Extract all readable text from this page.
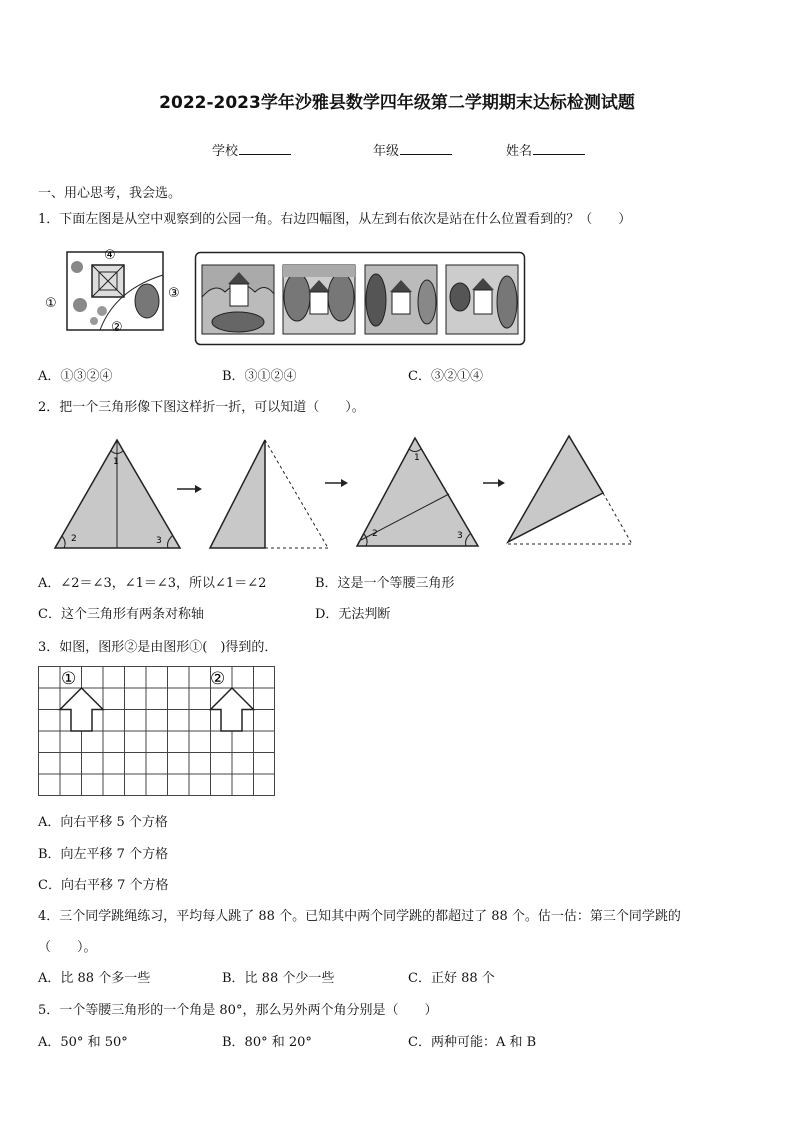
2022-2023学年沙雅县数学四年级第二学期期末达标检测试题
学校	年级	姓名
一、用心思考，我会选。
1．下面左图是从空中观察到的公园一角。右边四幅图，从左到右依次是站在什么位置看到的？（　　）
④
①
③
②
A．①③②④	B．③①②④	C．③②①④
2．把一个三角形像下图这样折一折，可以知道（　　）。
1
2	3
1
2	3
A．∠2＝∠3，∠1＝∠3，所以∠1＝∠2	B．这是一个等腰三角形
C．这个三角形有两条对称轴	D．无法判断
3．如图，图形②是由图形①(　)得到的．
①	②
A．向右平移 5 个方格
B．向左平移 7 个方格
C．向右平移 7 个方格
4．三个同学跳绳练习，平均每人跳了 88 个。已知其中两个同学跳的都超过了 88 个。估一估：第三个同学跳的
（　　）。
A．比 88 个多一些	B．比 88 个少一些	C．正好 88 个
5．一个等腰三角形的一个角是 80°，那么另外两个角分别是（　　）
A．50° 和 50°	B．80° 和 20°	C．两种可能：A 和 B
